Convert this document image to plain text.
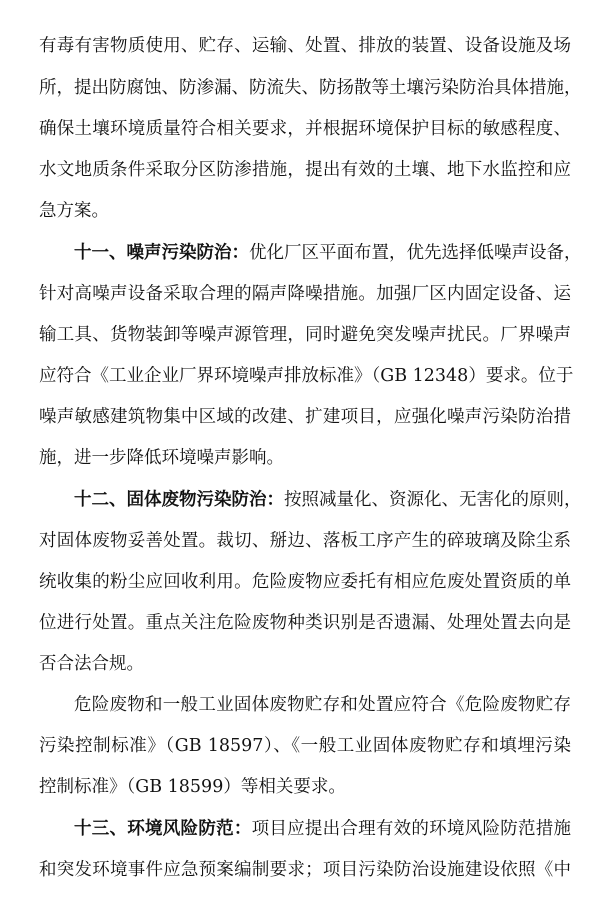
有毒有害物质使用、贮存、运输、处置、排放的装置、设备设施及场
所，提出防腐蚀、防渗漏、防流失、防扬散等土壤污染防治具体措施，
确保土壤环境质量符合相关要求，并根据环境保护目标的敏感程度、
水文地质条件采取分区防渗措施，提出有效的土壤、地下水监控和应
急方案。
十一、噪声污染防治：优化厂区平面布置，优先选择低噪声设备，
针对高噪声设备采取合理的隔声降噪措施。加强厂区内固定设备、运
输工具、货物装卸等噪声源管理，同时避免突发噪声扰民。厂界噪声
应符合《工业企业厂界环境噪声排放标准》（GB 12348）要求。位于
噪声敏感建筑物集中区域的改建、扩建项目，应强化噪声污染防治措
施，进一步降低环境噪声影响。
十二、固体废物污染防治：按照减量化、资源化、无害化的原则，
对固体废物妥善处置。裁切、掰边、落板工序产生的碎玻璃及除尘系
统收集的粉尘应回收利用。危险废物应委托有相应危废处置资质的单
位进行处置。重点关注危险废物种类识别是否遗漏、处理处置去向是
否合法合规。
危险废物和一般工业固体废物贮存和处置应符合《危险废物贮存
污染控制标准》（GB 18597）、《一般工业固体废物贮存和填埋污染
控制标准》（GB 18599）等相关要求。
十三、环境风险防范：项目应提出合理有效的环境风险防范措施
和突发环境事件应急预案编制要求；项目污染防治设施建设依照《中
